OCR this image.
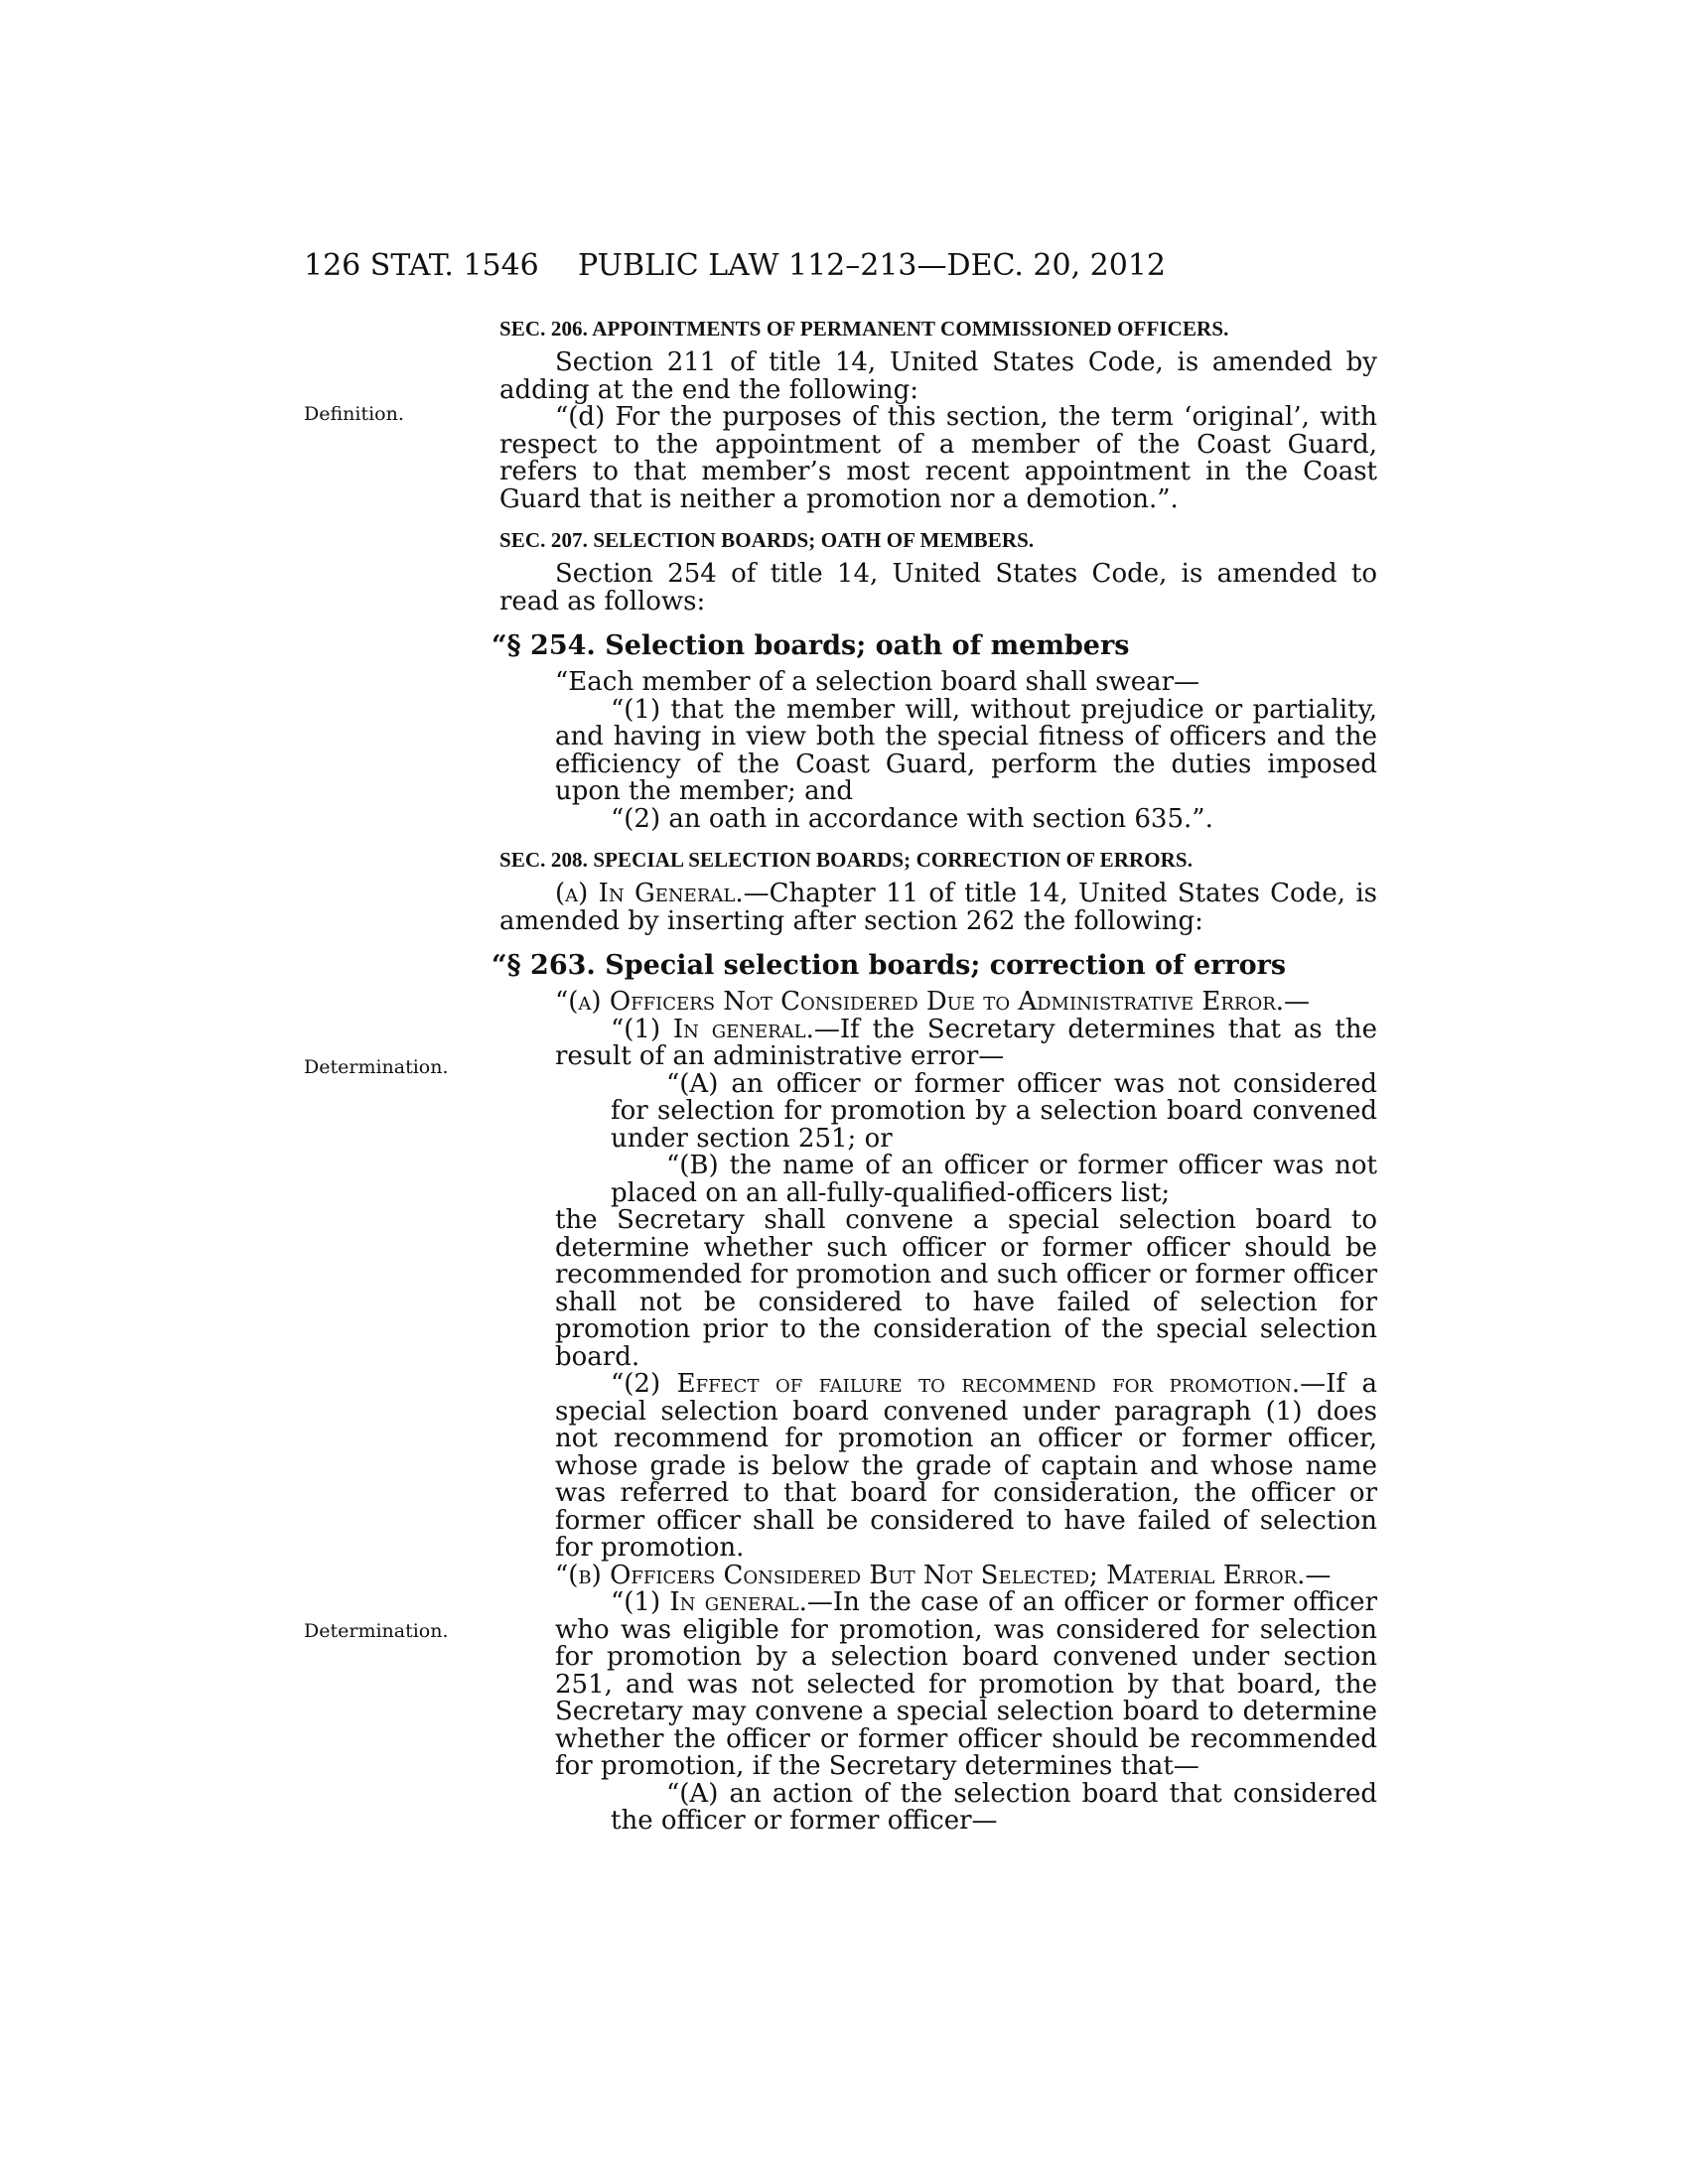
126 STAT. 1546 PUBLIC LAW 112–213—DEC. 20, 2012
Definition.
Determination.
Determination.
SEC. 206. APPOINTMENTS OF PERMANENT COMMISSIONED OFFICERS.

Section 211 of title 14, United States Code, is amended by adding at the end the following:

“(d) For the purposes of this section, the term ‘original’, with respect to the appointment of a member of the Coast Guard, refers to that member’s most recent appointment in the Coast Guard that is neither a promotion nor a demotion.”.

SEC. 207. SELECTION BOARDS; OATH OF MEMBERS.

Section 254 of title 14, United States Code, is amended to read as follows:

“§ 254. Selection boards; oath of members

“Each member of a selection board shall swear—

“(1) that the member will, without prejudice or partiality, and having in view both the special fitness of officers and the efficiency of the Coast Guard, perform the duties imposed upon the member; and

“(2) an oath in accordance with section 635.”.

SEC. 208. SPECIAL SELECTION BOARDS; CORRECTION OF ERRORS.

(a) In General.—Chapter 11 of title 14, United States Code, is amended by inserting after section 262 the following:

“§ 263. Special selection boards; correction of errors

“(a) Officers Not Considered Due to Administrative Error.—

“(1) In general.—If the Secretary determines that as the result of an administrative error—

“(A) an officer or former officer was not considered for selection for promotion by a selection board convened under section 251; or

“(B) the name of an officer or former officer was not placed on an all-fully-qualified-officers list;

the Secretary shall convene a special selection board to determine whether such officer or former officer should be recommended for promotion and such officer or former officer shall not be considered to have failed of selection for promotion prior to the consideration of the special selection board.

“(2) Effect of failure to recommend for promotion.—If a special selection board convened under paragraph (1) does not recommend for promotion an officer or former officer, whose grade is below the grade of captain and whose name was referred to that board for consideration, the officer or former officer shall be considered to have failed of selection for promotion.

“(b) Officers Considered But Not Selected; Material Error.—

“(1) In general.—In the case of an officer or former officer who was eligible for promotion, was considered for selection for promotion by a selection board convened under section 251, and was not selected for promotion by that board, the Secretary may convene a special selection board to determine whether the officer or former officer should be recommended for promotion, if the Secretary determines that—

“(A) an action of the selection board that considered the officer or former officer—
